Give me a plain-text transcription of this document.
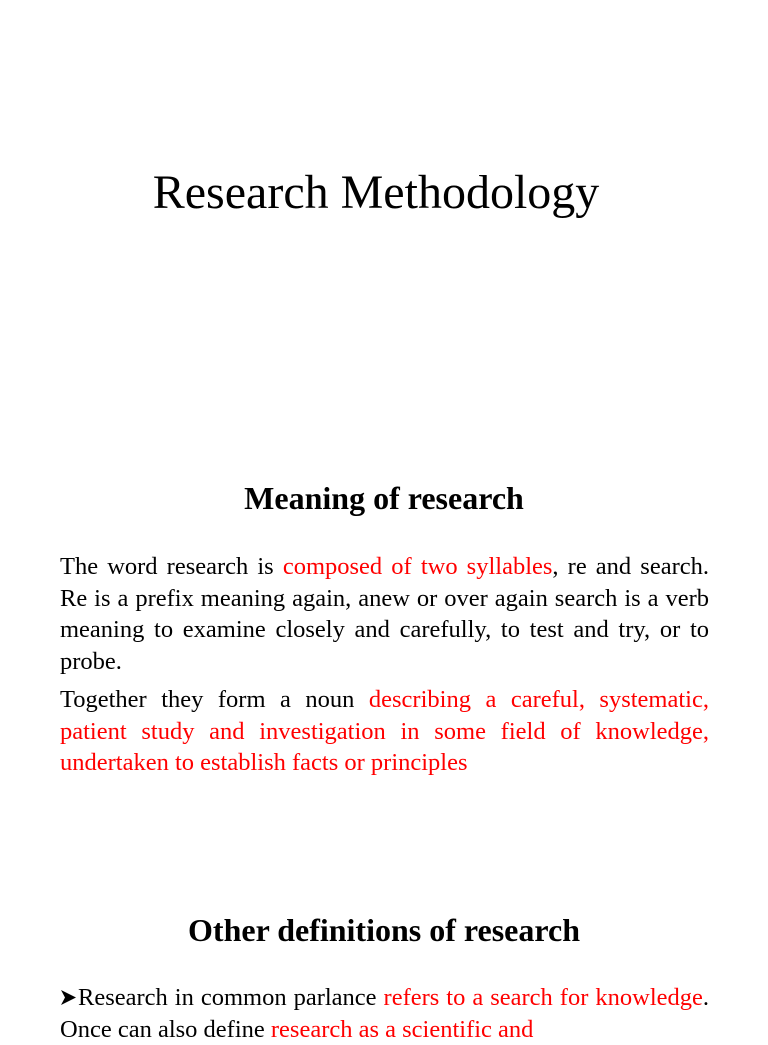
Research Methodology
Meaning of research

The word research is composed of two syllables, re and search. Re is a prefix meaning again, anew or over again search is a verb meaning to examine closely and carefully, to test and try, or to probe.

Together they form a noun describing a careful, systematic, patient study and investigation in some field of knowledge, undertaken to establish facts or principles

Other definitions of research

Research in common parlance refers to a search for knowledge. Once can also define research as a scientific and
